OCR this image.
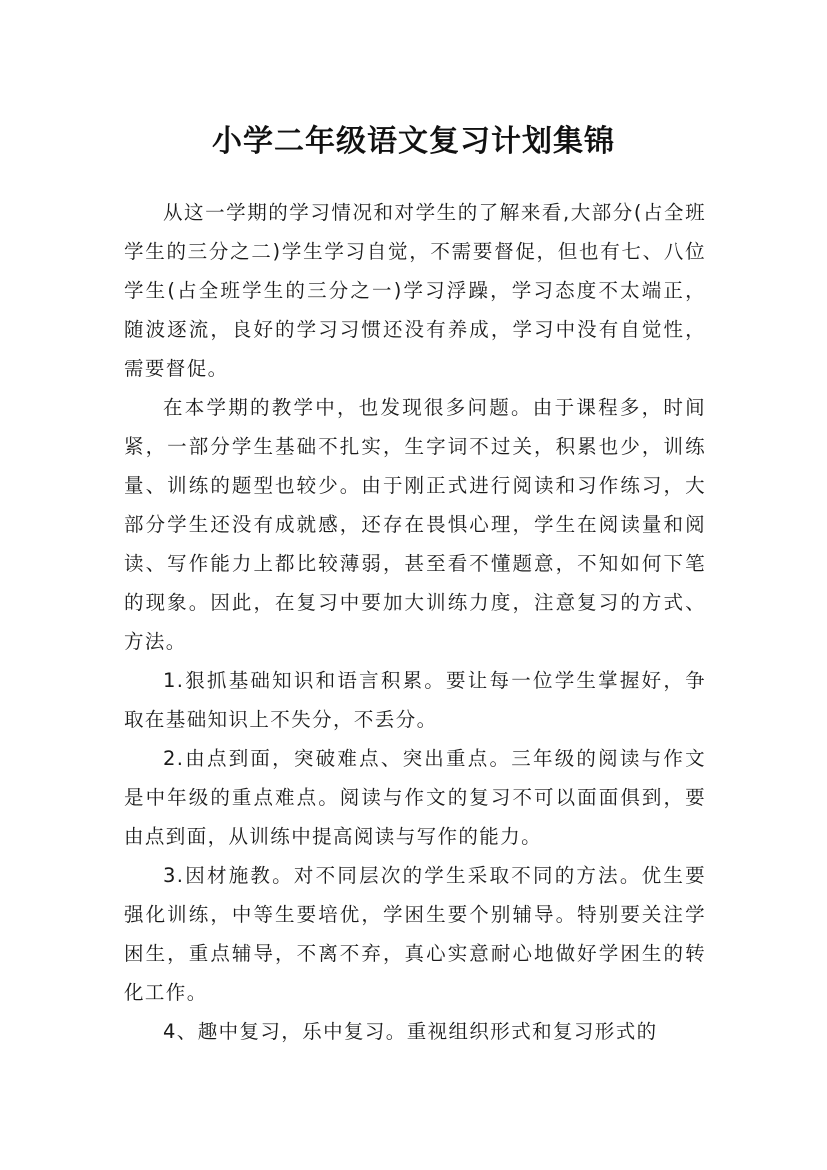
小学二年级语文复习计划集锦

从这一学期的学习情况和对学生的了解来看,大部分(占全班学生的三分之二)学生学习自觉，不需要督促，但也有七、八位学生(占全班学生的三分之一)学习浮躁，学习态度不太端正，随波逐流，良好的学习习惯还没有养成，学习中没有自觉性，需要督促。

在本学期的教学中，也发现很多问题。由于课程多，时间紧，一部分学生基础不扎实，生字词不过关，积累也少，训练量、训练的题型也较少。由于刚正式进行阅读和习作练习，大部分学生还没有成就感，还存在畏惧心理，学生在阅读量和阅读、写作能力上都比较薄弱，甚至看不懂题意，不知如何下笔的现象。因此，在复习中要加大训练力度，注意复习的方式、方法。

1.狠抓基础知识和语言积累。要让每一位学生掌握好，争取在基础知识上不失分，不丢分。

2.由点到面，突破难点、突出重点。三年级的阅读与作文是中年级的重点难点。阅读与作文的复习不可以面面俱到，要由点到面，从训练中提高阅读与写作的能力。

3.因材施教。对不同层次的学生采取不同的方法。优生要强化训练，中等生要培优，学困生要个别辅导。特别要关注学困生，重点辅导，不离不弃，真心实意耐心地做好学困生的转化工作。

4、趣中复习，乐中复习。重视组织形式和复习形式的
